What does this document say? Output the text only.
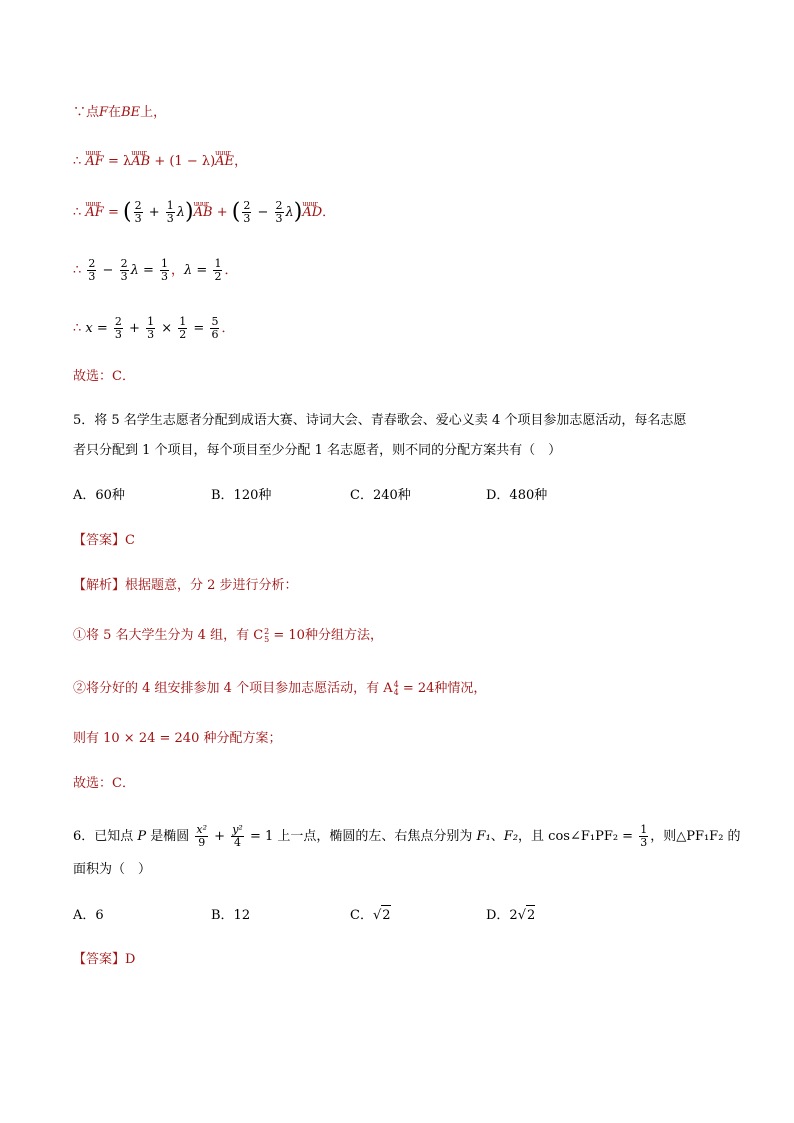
∵点F在BE上，
∴ uuur AF = λuuur AB + (1 − λ)uuur AE，
∴ uuur AF = ( $\frac{2}{3} + \frac{1}{3}$ λ)uuur AB + ( $\frac{2}{3} - \frac{2}{3}$ λ)uuur AD．
∴ $\frac{2}{3} - \frac{2}{3}$ $\lambda = \frac{1}{3}$ ，$\lambda = \frac{1}{2}$ ．
∴ $x = \frac{2}{3} + \frac{1}{3} \times \frac{1}{2} = \frac{5}{6}$ ．
故选：C．
5．将 5 名学生志愿者分配到成语大赛、诗词大会、青春歌会、爱心义卖 4 个项目参加志愿活动，每名志愿
者只分配到 1 个项目，每个项目至少分配 1 名志愿者，则不同的分配方案共有（　）
A．60种	B．120种	C．240种	D．480种
【答案】C
【解析】根据题意，分 2 步进行分析：
①将 5 名大学生分为 4 组，有 C 2
5 = 10种分组方法，
②将分好的 4 组安排参加 4 个项目参加志愿活动，有 A 4
4 = 24种情况，
则有 10 × 24 = 240 种分配方案；
故选：C．
6．已知点 P 是椭圆 $\frac{\text{x²}}{9} + \frac{\text{y²}}{4} = 1$ 上一点，椭圆的左、右焦点分别为 F₁、F₂，且 cos∠F₁PF₂ = $\frac{1}{3}$ ，则△PF₁F₂ 的
面积为（　）
A．6	B．12	C．√2	D．2√2
【答案】D
